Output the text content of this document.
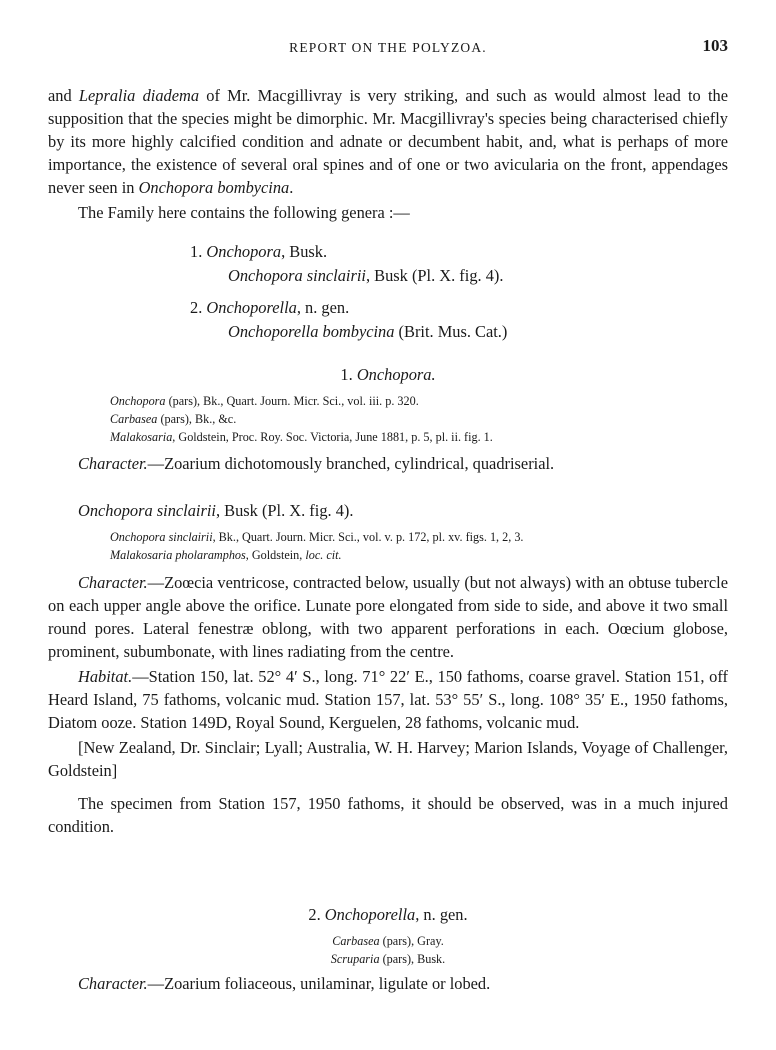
REPORT ON THE POLYZOA.	103

and Lepralia diadema of Mr. Macgillivray is very striking, and such as would almost lead to the supposition that the species might be dimorphic. Mr. Macgillivray's species being characterised chiefly by its more highly calcified condition and adnate or decumbent habit, and, what is perhaps of more importance, the existence of several oral spines and of one or two avicularia on the front, appendages never seen in Onchopora bombycina.

The Family here contains the following genera :—

1. Onchopora, Busk.
Onchopora sinclairii, Busk (Pl. X. fig. 4).
2. Onchoporella, n. gen.
Onchoporella bombycina (Brit. Mus. Cat.)
1. Onchopora.

Onchopora (pars), Bk., Quart. Journ. Micr. Sci., vol. iii. p. 320.

Carbasea (pars), Bk., &c.

Malakosaria, Goldstein, Proc. Roy. Soc. Victoria, June 1881, p. 5, pl. ii. fig. 1.

Character.—Zoarium dichotomously branched, cylindrical, quadriserial.

Onchopora sinclairii, Busk (Pl. X. fig. 4).

Onchopora sinclairii, Bk., Quart. Journ. Micr. Sci., vol. v. p. 172, pl. xv. figs. 1, 2, 3.

Malakosaria pholaramphos, Goldstein, loc. cit.

Character.—Zoœcia ventricose, contracted below, usually (but not always) with an obtuse tubercle on each upper angle above the orifice. Lunate pore elongated from side to side, and above it two small round pores. Lateral fenestræ oblong, with two apparent perforations in each. Oœcium globose, prominent, subumbonate, with lines radiating from the centre.

Habitat.—Station 150, lat. 52° 4′ S., long. 71° 22′ E., 150 fathoms, coarse gravel. Station 151, off Heard Island, 75 fathoms, volcanic mud. Station 157, lat. 53° 55′ S., long. 108° 35′ E., 1950 fathoms, Diatom ooze. Station 149D, Royal Sound, Kerguelen, 28 fathoms, volcanic mud.

[New Zealand, Dr. Sinclair; Lyall; Australia, W. H. Harvey; Marion Islands, Voyage of Challenger, Goldstein]

The specimen from Station 157, 1950 fathoms, it should be observed, was in a much injured condition.

2. Onchoporella, n. gen.

Carbasea (pars), Gray.

Scruparia (pars), Busk.

Character.—Zoarium foliaceous, unilaminar, ligulate or lobed.
